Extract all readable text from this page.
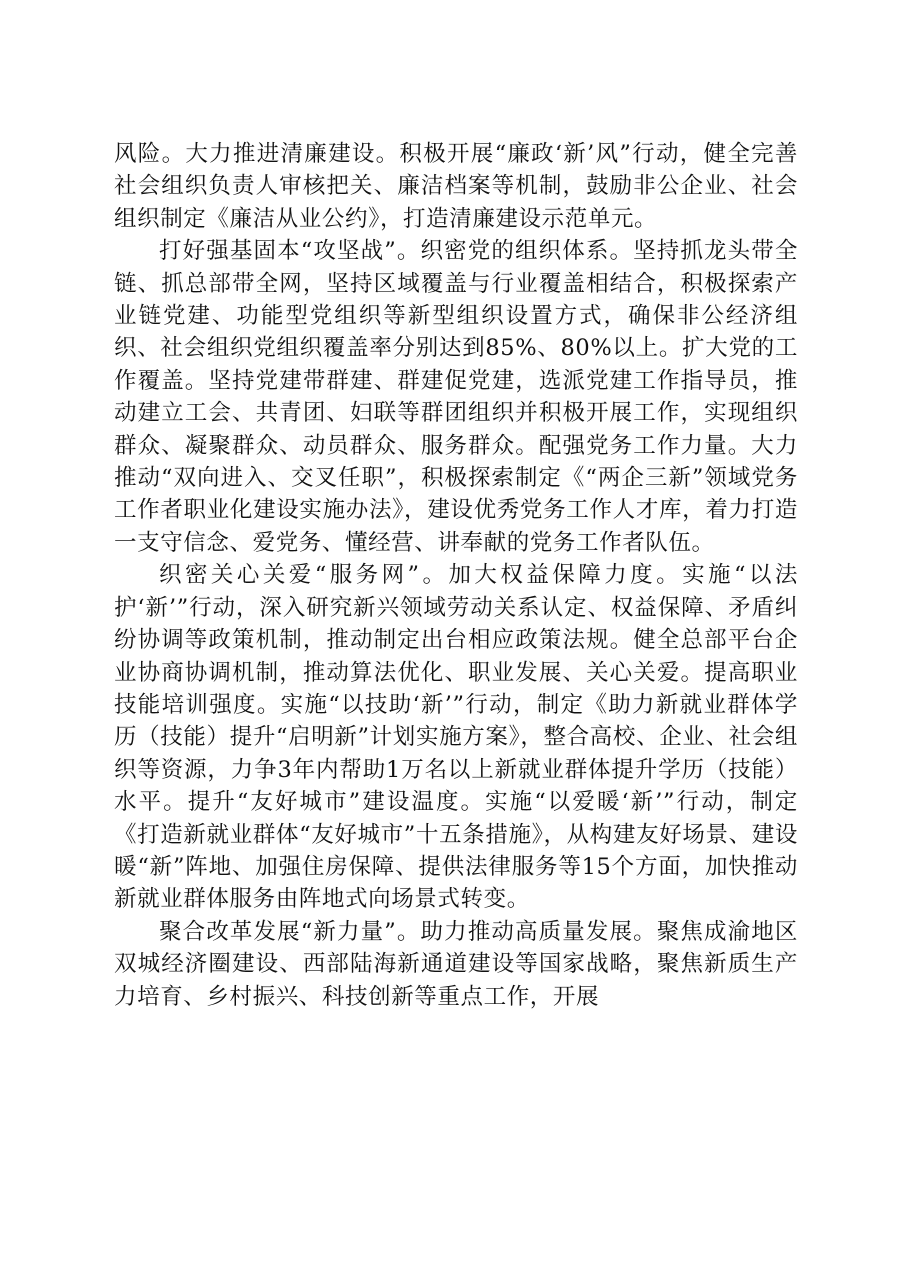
风险。大力推进清廉建设。积极开展“廉政‘新’风”行动，健全完善社会组织负责人审核把关、廉洁档案等机制，鼓励非公企业、社会组织制定《廉洁从业公约》，打造清廉建设示范单元。

打好强基固本“攻坚战”。织密党的组织体系。坚持抓龙头带全链、抓总部带全网，坚持区域覆盖与行业覆盖相结合，积极探索产业链党建、功能型党组织等新型组织设置方式，确保非公经济组织、社会组织党组织覆盖率分别达到85%、80%以上。扩大党的工作覆盖。坚持党建带群建、群建促党建，选派党建工作指导员，推动建立工会、共青团、妇联等群团组织并积极开展工作，实现组织群众、凝聚群众、动员群众、服务群众。配强党务工作力量。大力推动“双向进入、交叉任职”，积极探索制定《“两企三新”领域党务工作者职业化建设实施办法》，建设优秀党务工作人才库，着力打造一支守信念、爱党务、懂经营、讲奉献的党务工作者队伍。

织密关心关爱“服务网”。加大权益保障力度。实施“以法护‘新’”行动，深入研究新兴领域劳动关系认定、权益保障、矛盾纠纷协调等政策机制，推动制定出台相应政策法规。健全总部平台企业协商协调机制，推动算法优化、职业发展、关心关爱。提高职业技能培训强度。实施“以技助‘新’”行动，制定《助力新就业群体学历（技能）提升“启明新”计划实施方案》，整合高校、企业、社会组织等资源，力争3年内帮助1万名以上新就业群体提升学历（技能）水平。提升“友好城市”建设温度。实施“以爱暖‘新’”行动，制定《打造新就业群体“友好城市”十五条措施》，从构建友好场景、建设暖“新”阵地、加强住房保障、提供法律服务等15个方面，加快推动新就业群体服务由阵地式向场景式转变。

聚合改革发展“新力量”。助力推动高质量发展。聚焦成渝地区双城经济圈建设、西部陆海新通道建设等国家战略，聚焦新质生产力培育、乡村振兴、科技创新等重点工作，开展
